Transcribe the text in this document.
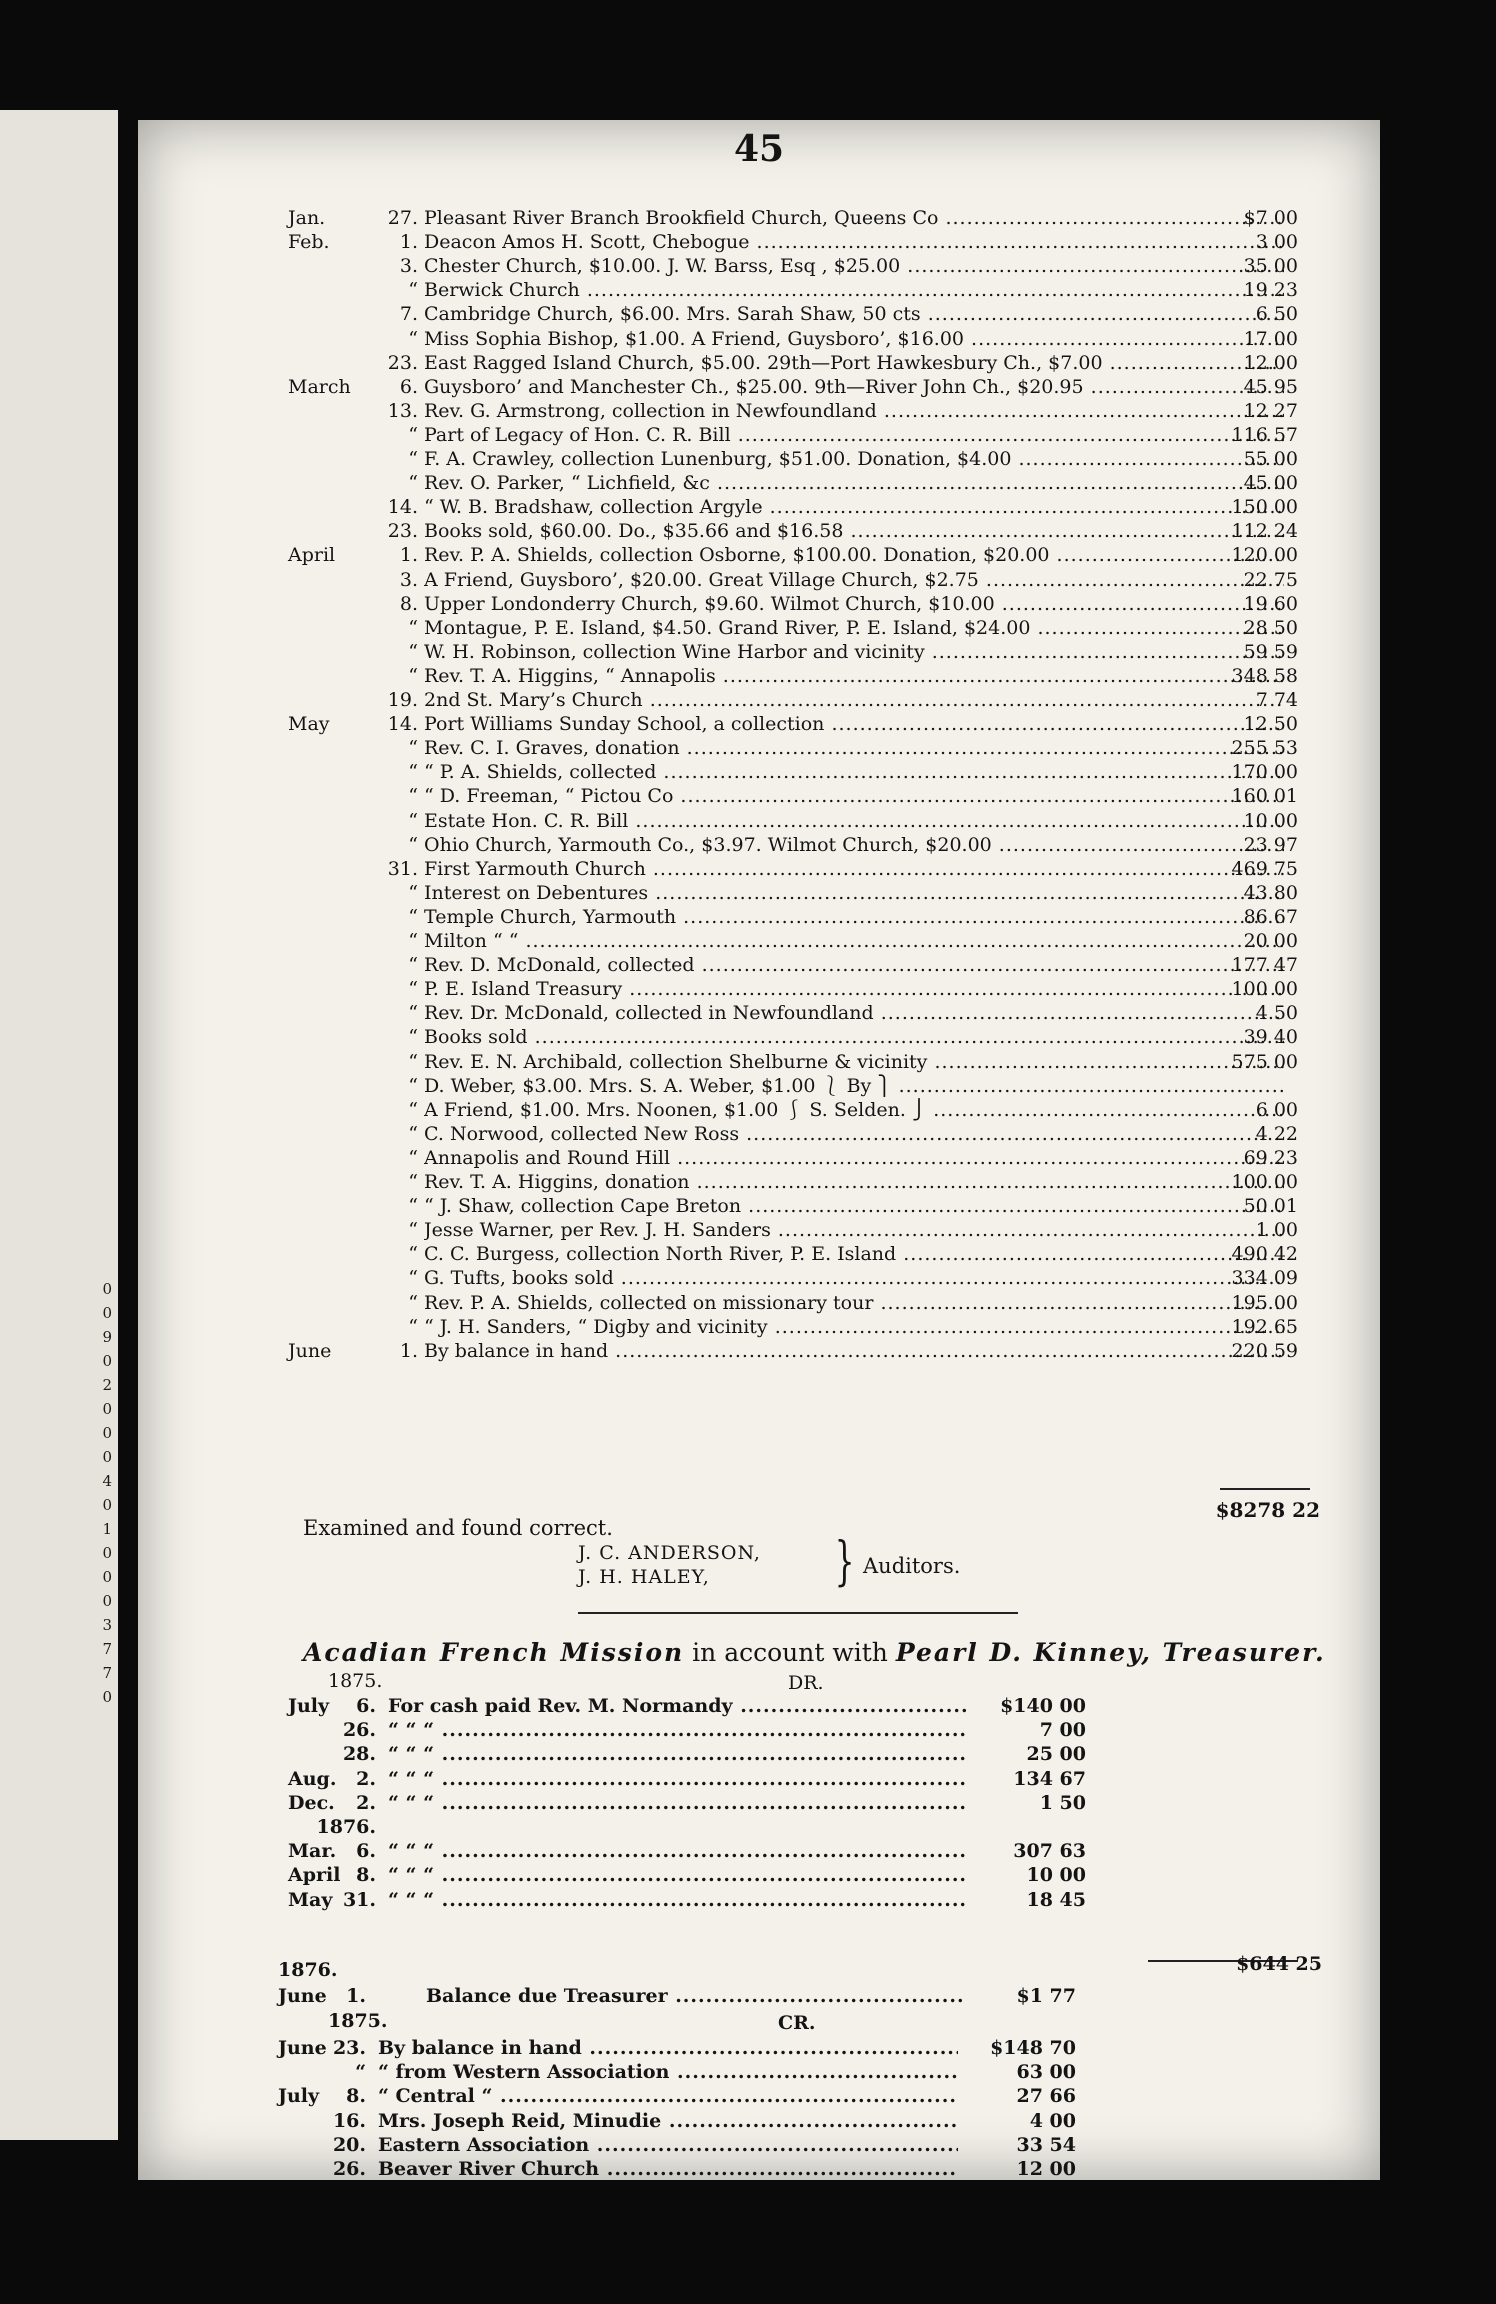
0
0
9
0
2
0
0
0
4
0
1
0
0
0
3
7
7
0
45
Jan.	27. Pleasant River Branch Brookfield Church, Queens Co .....	$7 00
Feb.	1. Deacon Amos H. Scott, Chebogue .....	3 00
3. Chester Church, $10.00. J. W. Barss, Esq , $25.00 .....	35 00
“ Berwick Church .....	19 23
7. Cambridge Church, $6.00. Mrs. Sarah Shaw, 50 cts .....	6 50
“ Miss Sophia Bishop, $1.00. A Friend, Guysboro’, $16.00 .....	17 00
23. East Ragged Island Church, $5.00. 29th—Port Hawkesbury Ch., $7.00 .....	12.00
March	6. Guysboro’ and Manchester Ch., $25.00. 9th—River John Ch., $20.95 .....	45 95
13. Rev. G. Armstrong, collection in Newfoundland .....	12 27
“ Part of Legacy of Hon. C. R. Bill .....	116 57
“ F. A. Crawley, collection Lunenburg, $51.00. Donation, $4.00 .....	55 00
“ Rev. O. Parker, “ Lichfield, &c .....	45 00
14. “ W. B. Bradshaw, collection Argyle .....	150 00
23. Books sold, $60.00. Do., $35.66 and $16.58 .....	112 24
April	1. Rev. P. A. Shields, collection Osborne, $100.00. Donation, $20.00 .....	120 00
3. A Friend, Guysboro’, $20.00. Great Village Church, $2.75 .....	22 75
8. Upper Londonderry Church, $9.60. Wilmot Church, $10.00 .....	19 60
“ Montague, P. E. Island, $4.50. Grand River, P. E. Island, $24.00 .....	28 50
“ W. H. Robinson, collection Wine Harbor and vicinity .....	59 59
“ Rev. T. A. Higgins, “ Annapolis .....	348 58
19. 2nd St. Mary’s Church .....	7 74
May	14. Port Williams Sunday School, a collection .....	12 50
“ Rev. C. I. Graves, donation .....	255 53
“ “ P. A. Shields, collected .....	170 00
“ “ D. Freeman, “ Pictou Co .....	160 01
“ Estate Hon. C. R. Bill .....	10 00
“ Ohio Church, Yarmouth Co., $3.97. Wilmot Church, $20.00 .....	23 97
31. First Yarmouth Church .....	469 75
“ Interest on Debentures .....	43 80
“ Temple Church, Yarmouth .....	86 67
“ Milton “ “ .....	20 00
“ Rev. D. McDonald, collected .....	177 47
“ P. E. Island Treasury .....	100 00
“ Rev. Dr. McDonald, collected in Newfoundland .....	4 50
“ Books sold .....	39 40
“ Rev. E. N. Archibald, collection Shelburne & vicinity .....	575 00
“ D. Weber, $3.00. Mrs. S. A. Weber, $1.00 ⎱ By ⎫ .....
“ A Friend, $1.00. Mrs. Noonen, $1.00 ⎰ S. Selden. ⎭ .....	6 00
“ C. Norwood, collected New Ross .....	4 22
“ Annapolis and Round Hill .....	69 23
“ Rev. T. A. Higgins, donation .....	100 00
“ “ J. Shaw, collection Cape Breton .....	50 01
“ Jesse Warner, per Rev. J. H. Sanders .....	1 00
“ C. C. Burgess, collection North River, P. E. Island .....	490 42
“ G. Tufts, books sold .....	334 09
“ Rev. P. A. Shields, collected on missionary tour .....	195 00
“ “ J. H. Sanders, “ Digby and vicinity .....	192 65
June	1. By balance in hand .....	220 59
$8278 22
Examined and found correct.
J. C. ANDERSON,
J. H. HALEY, } Auditors.
Acadian French Mission in account with Pearl D. Kinney, Treasurer.
1875.	DR.
July	6. For cash paid Rev. M. Normandy .....	$140 00
26. “ “ “ .....	7 00
28. “ “ “ .....	25 00
Aug.	2. “ “ “ .....	134 67
Dec.	2. “ “ “ .....	1 50
1876.
Mar.	6. “ “ “ .....	307 63
April 8. “ “ “ .....	10 00
May 31. “ “ “ .....	18 45
$644 25
1876.
June	1.	Balance due Treasurer .....	$1 77
1875.	CR.
June 23. By balance in hand .....	$148 70
“ “ from Western Association .....	63 00
July	8. “ Central “ .....	27 66
16. Mrs. Joseph Reid, Minudie .....	4 00
20. Eastern Association .....	33 54
26. Beaver River Church .....	12 00
